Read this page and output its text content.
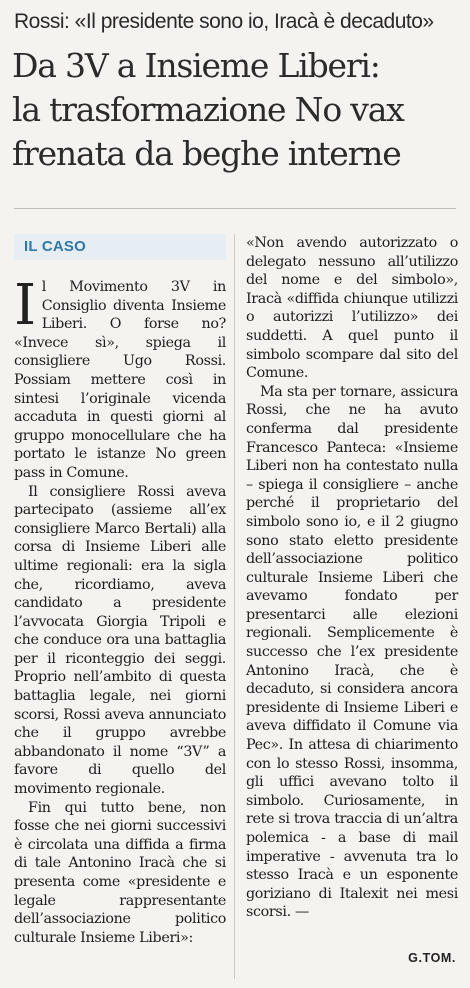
Rossi: «Il presidente sono io, Iracà è decaduto»
Da 3V a Insieme Liberi:
la trasformazione No vax
frenata da beghe interne
IL CASO

Il Movimento 3V in Consiglio diventa Insieme Liberi. O forse no? «Invece sì», spiega il consigliere Ugo Rossi. Possiam mettere così in sintesi l’originale vicenda accaduta in questi giorni al gruppo monocellulare che ha portato le istanze No green pass in Comune.

Il consigliere Rossi aveva partecipato (assieme all’ex consigliere Marco Bertali) alla corsa di Insieme Liberi alle ultime regionali: era la sigla che, ricordiamo, aveva candidato a presidente l’avvocata Giorgia Tripoli e che conduce ora una battaglia per il riconteggio dei seggi. Proprio nell’ambito di questa battaglia legale, nei giorni scorsi, Rossi aveva annunciato che il gruppo avrebbe abbandonato il nome “3V” a favore di quello del movimento regionale.

Fin qui tutto bene, non fosse che nei giorni successivi è circolata una diffida a firma di tale Antonino Iracà che si presenta come «presidente e legale rappresentante dell’associazione politico culturale Insieme Liberi»:

«Non avendo autorizzato o delegato nessuno all’utilizzo del nome e del simbolo», Iracà «diffida chiunque utilizzi o autorizzi l’utilizzo» dei suddetti. A quel punto il simbolo scompare dal sito del Comune.

Ma sta per tornare, assicura Rossi, che ne ha avuto conferma dal presidente Francesco Panteca: «Insieme Liberi non ha contestato nulla – spiega il consigliere – anche perché il proprietario del simbolo sono io, e il 2 giugno sono stato eletto presidente dell’associazione politico culturale Insieme Liberi che avevamo fondato per presentarci alle elezioni regionali. Semplicemente è successo che l’ex presidente Antonino Iracà, che è decaduto, si considera ancora presidente di Insieme Liberi e aveva diffidato il Comune via Pec». In attesa di chiarimento con lo stesso Rossi, insomma, gli uffici avevano tolto il simbolo. Curiosamente, in rete si trova traccia di un’altra polemica - a base di mail imperative - avvenuta tra lo stesso Iracà e un esponente goriziano di Italexit nei mesi scorsi. —

G.TOM.
